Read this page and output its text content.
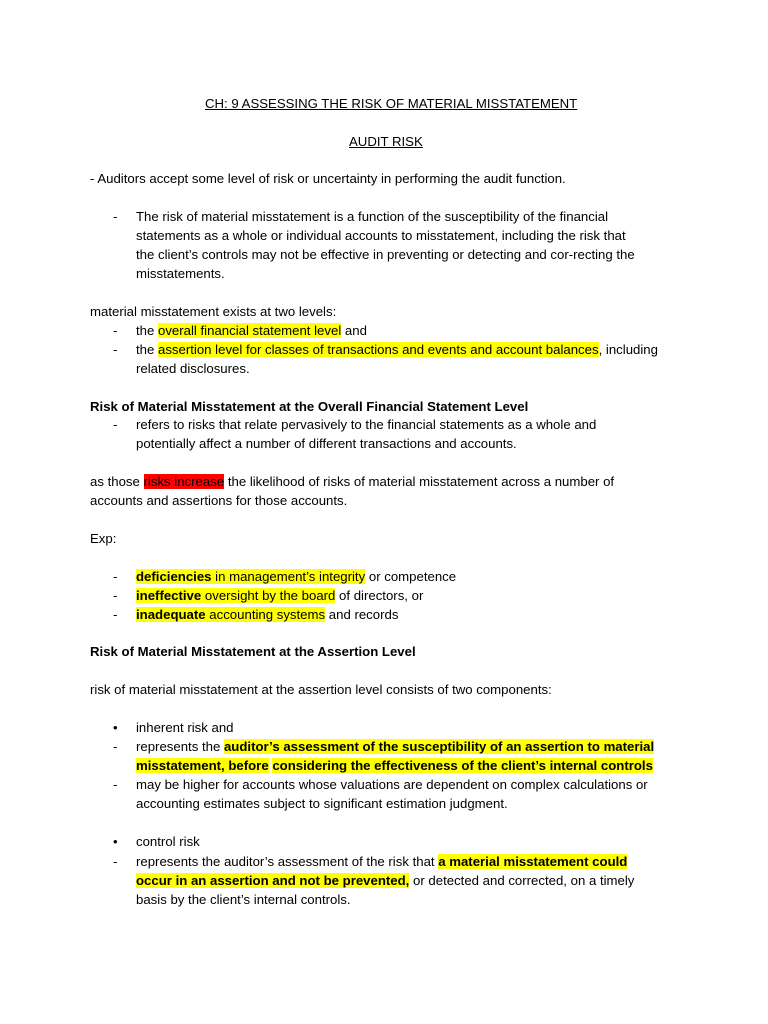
CH: 9 ASSESSING THE RISK OF MATERIAL MISSTATEMENT
AUDIT RISK
- Auditors accept some level of risk or uncertainty in performing the audit function.
- The risk of material misstatement is a function of the susceptibility of the financial
statements as a whole or individual accounts to misstatement, including the risk that
the client’s controls may not be effective in preventing or detecting and cor-recting the
misstatements.
material misstatement exists at two levels:
- the overall financial statement level and
- the assertion level for classes of transactions and events and account balances, including
related disclosures.
Risk of Material Misstatement at the Overall Financial Statement Level
- refers to risks that relate pervasively to the financial statements as a whole and
potentially affect a number of different transactions and accounts.
as those risks increase the likelihood of risks of material misstatement across a number of
accounts and assertions for those accounts.
Exp:
- deficiencies in management’s integrity or competence
- ineffective oversight by the board of directors, or
- inadequate accounting systems and records
Risk of Material Misstatement at the Assertion Level
risk of material misstatement at the assertion level consists of two components:
• inherent risk and
- represents the auditor’s assessment of the susceptibility of an assertion to material
misstatement, before considering the effectiveness of the client’s internal controls
- may be higher for accounts whose valuations are dependent on complex calculations or
accounting estimates subject to significant estimation judgment.
• control risk
- represents the auditor’s assessment of the risk that a material misstatement could
occur in an assertion and not be prevented, or detected and corrected, on a timely
basis by the client’s internal controls.
